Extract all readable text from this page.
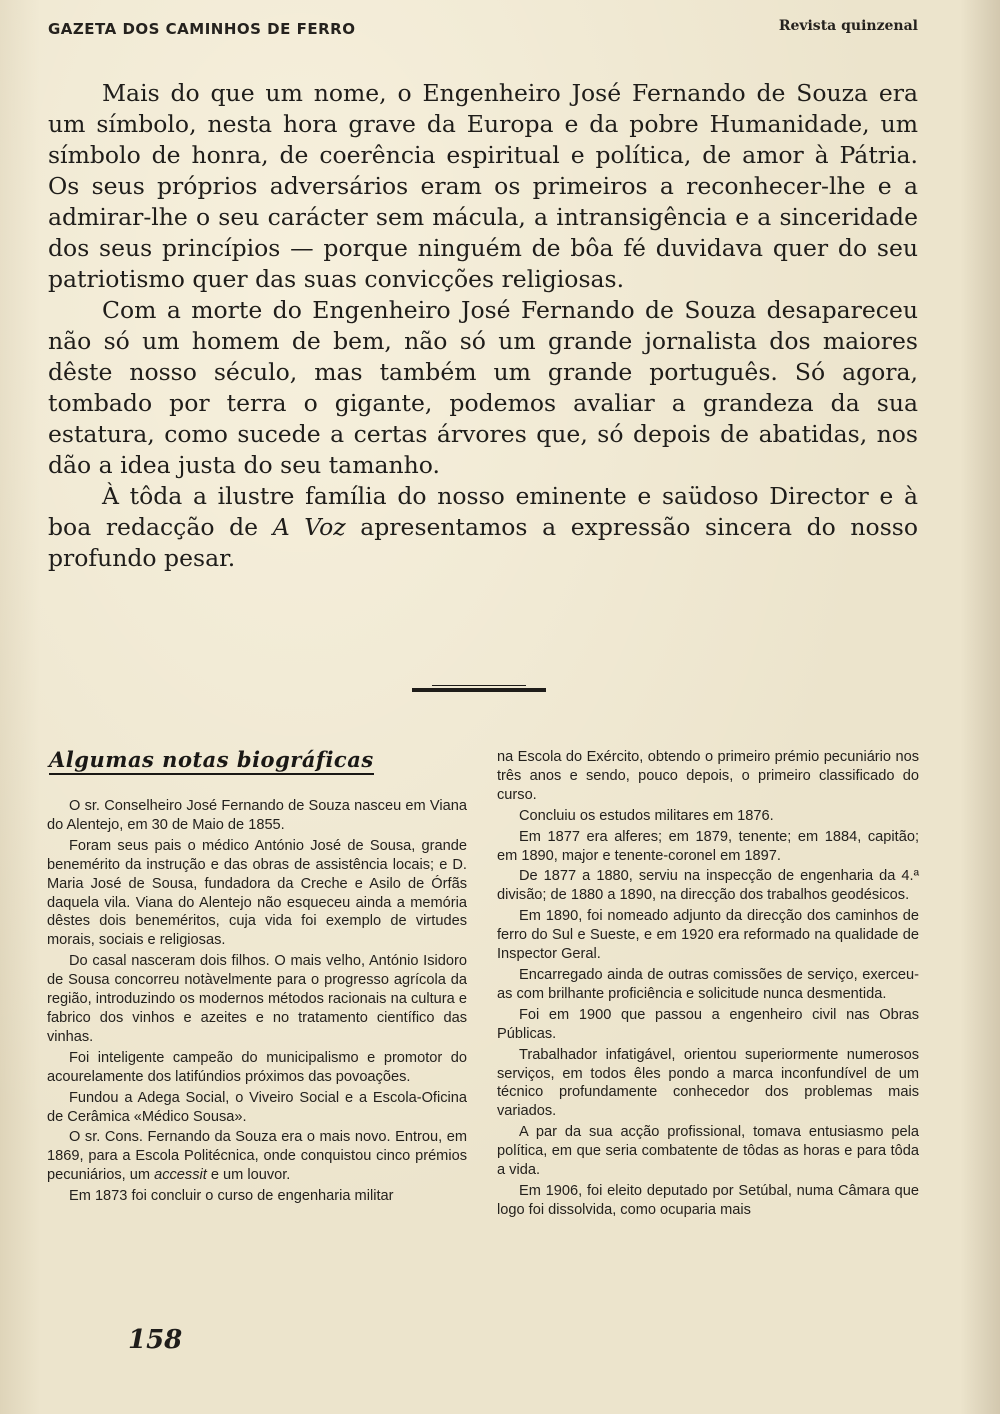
GAZETA DOS CAMINHOS DE FERRO	Revista quinzenal

Mais do que um nome, o Engenheiro José Fernando de Souza era um símbolo, nesta hora grave da Europa e da pobre Humanidade, um símbolo de honra, de coerência espiritual e política, de amor à Pátria. Os seus próprios adversários eram os primeiros a reconhecer-lhe e a admirar-lhe o seu carácter sem mácula, a intransigência e a sinceridade dos seus princípios — porque ninguém de bôa fé duvidava quer do seu patriotismo quer das suas convicções religiosas.

Com a morte do Engenheiro José Fernando de Souza desapareceu não só um homem de bem, não só um grande jornalista dos maiores dêste nosso século, mas também um grande português. Só agora, tombado por terra o gigante, podemos avaliar a grandeza da sua estatura, como sucede a certas árvores que, só depois de abatidas, nos dão a idea justa do seu tamanho.

À tôda a ilustre família do nosso eminente e saüdoso Director e à boa redacção de A Voz apresentamos a expressão sincera do nosso profundo pesar.

Algumas notas biográficas

O sr. Conselheiro José Fernando de Souza nasceu em Viana do Alentejo, em 30 de Maio de 1855.

Foram seus pais o médico António José de Sousa, grande benemérito da instrução e das obras de assistência locais; e D. Maria José de Sousa, fundadora da Creche e Asilo de Órfãs daquela vila. Viana do Alentejo não esqueceu ainda a memória dêstes dois beneméritos, cuja vida foi exemplo de virtudes morais, sociais e religiosas.

Do casal nasceram dois filhos. O mais velho, António Isidoro de Sousa concorreu notàvelmente para o progresso agrícola da região, introduzindo os modernos métodos racionais na cultura e fabrico dos vinhos e azeites e no tratamento científico das vinhas.

Foi inteligente campeão do municipalismo e promotor do acourelamente dos latifúndios próximos das povoações.

Fundou a Adega Social, o Viveiro Social e a Escola-Oficina de Cerâmica «Médico Sousa».

O sr. Cons. Fernando da Souza era o mais novo. Entrou, em 1869, para a Escola Politécnica, onde conquistou cinco prémios pecuniários, um accessit e um louvor.

Em 1873 foi concluir o curso de engenharia militar

na Escola do Exército, obtendo o primeiro prémio pecuniário nos três anos e sendo, pouco depois, o primeiro classificado do curso.

Concluiu os estudos militares em 1876.

Em 1877 era alferes; em 1879, tenente; em 1884, capitão; em 1890, major e tenente-coronel em 1897.

De 1877 a 1880, serviu na inspecção de engenharia da 4.ª divisão; de 1880 a 1890, na direcção dos trabalhos geodésicos.

Em 1890, foi nomeado adjunto da direcção dos caminhos de ferro do Sul e Sueste, e em 1920 era reformado na qualidade de Inspector Geral.

Encarregado ainda de outras comissões de serviço, exerceu-as com brilhante proficiência e solicitude nunca desmentida.

Foi em 1900 que passou a engenheiro civil nas Obras Públicas.

Trabalhador infatigável, orientou superiormente numerosos serviços, em todos êles pondo a marca inconfundível de um técnico profundamente conhecedor dos problemas mais variados.

A par da sua acção profissional, tomava entusiasmo pela política, em que seria combatente de tôdas as horas e para tôda a vida.

Em 1906, foi eleito deputado por Setúbal, numa Câmara que logo foi dissolvida, como ocuparia mais

158
